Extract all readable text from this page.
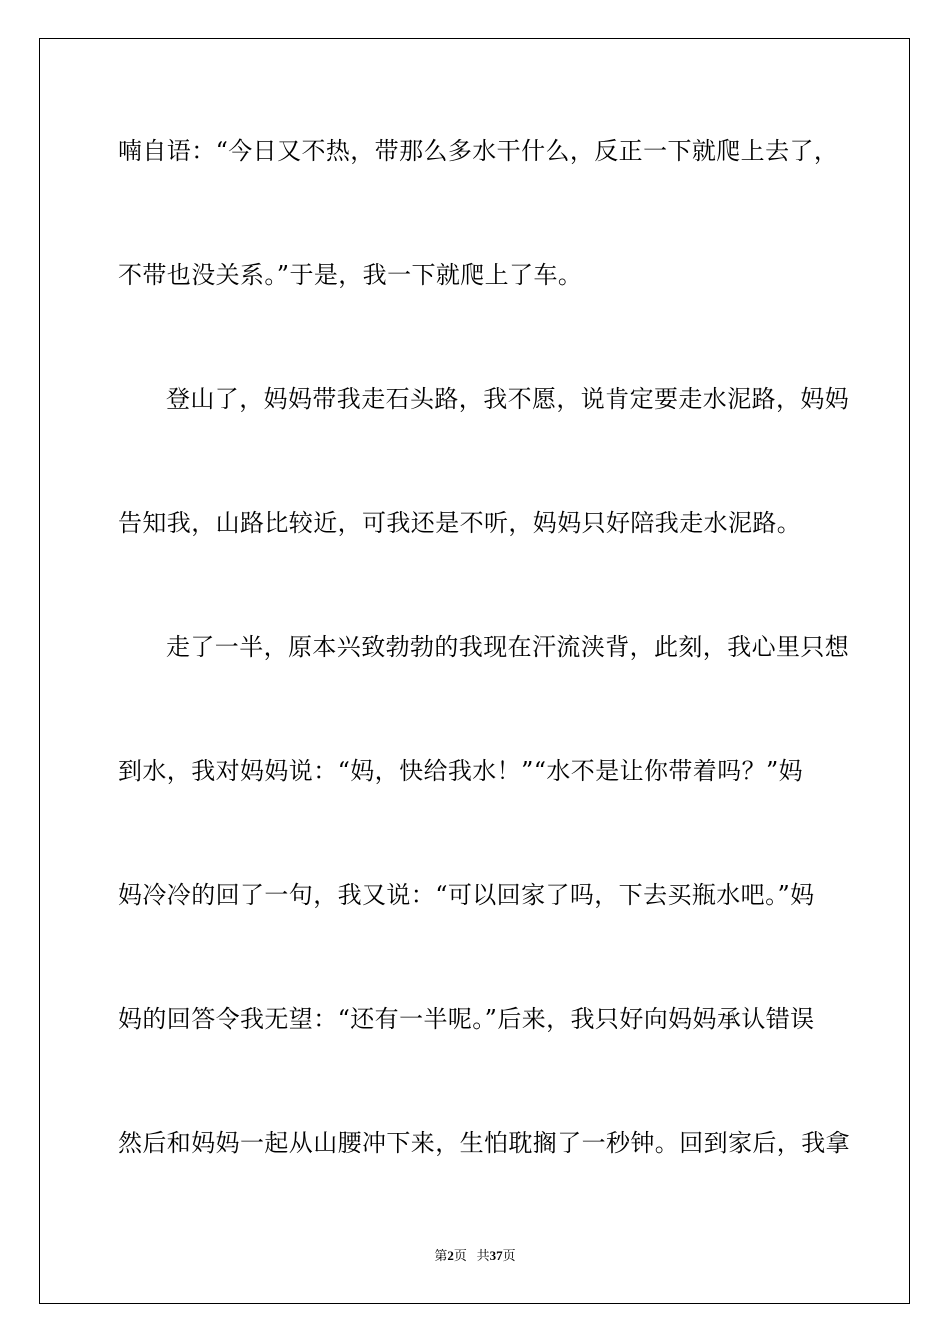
喃自语：“今日又不热，带那么多水干什么，反正一下就爬上去了，
不带也没关系。”于是，我一下就爬上了车。
登山了，妈妈带我走石头路，我不愿，说肯定要走水泥路，妈妈
告知我，山路比较近，可我还是不听，妈妈只好陪我走水泥路。
走了一半，原本兴致勃勃的我现在汗流浃背，此刻，我心里只想
到水，我对妈妈说：“妈，快给我水！”“水不是让你带着吗？”妈
妈冷冷的回了一句，我又说：“可以回家了吗，下去买瓶水吧。”妈
妈的回答令我无望：“还有一半呢。”后来，我只好向妈妈承认错误
然后和妈妈一起从山腰冲下来，生怕耽搁了一秒钟。回到家后，我拿
第2页 共37页
